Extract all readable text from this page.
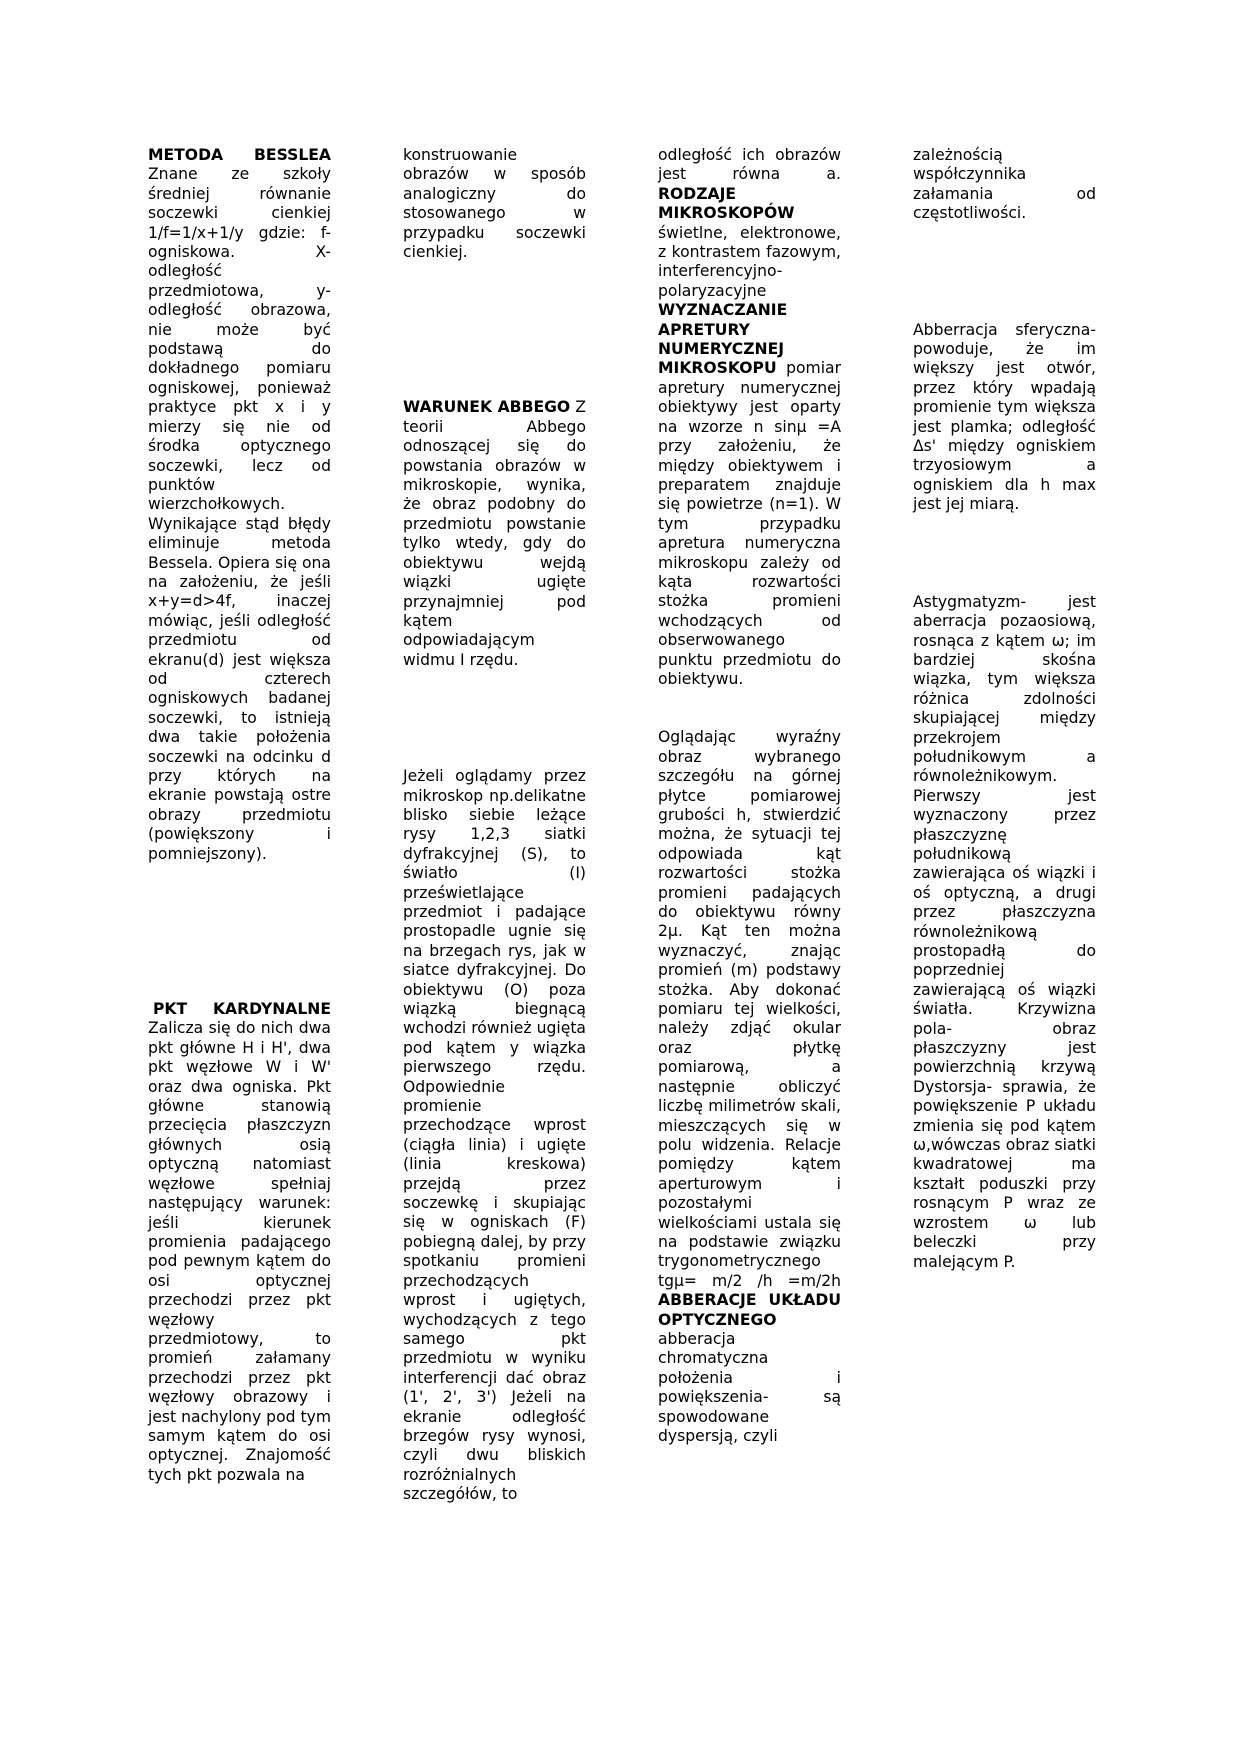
METODA BESSLEA Znane ze szkoły średniej równanie soczewki cienkiej 1/f=1/x+1/y gdzie: f- ogniskowa. X- odległość przedmiotowa, y- odległość obrazowa, nie może być podstawą do dokładnego pomiaru ogniskowej, ponieważ praktyce pkt x i y mierzy się nie od środka optycznego soczewki, lecz od punktów wierzchołkowych. Wynikające stąd błędy eliminuje metoda Bessela. Opiera się ona na założeniu, że jeśli x+y=d>4f, inaczej mówiąc, jeśli odległość przedmiotu od ekranu(d) jest większa od czterech ogniskowych badanej soczewki, to istnieją dwa takie położenia soczewki na odcinku d przy których na ekranie powstają ostre obrazy przedmiotu (powiększony i pomniejszony).

PKT KARDYNALNE Zalicza się do nich dwa pkt główne H i H', dwa pkt węzłowe W i W' oraz dwa ogniska. Pkt główne stanowią przecięcia płaszczyzn głównych osią optyczną natomiast węzłowe spełniaj następujący warunek: jeśli kierunek promienia padającego pod pewnym kątem do osi optycznej przechodzi przez pkt węzłowy przedmiotowy, to promień załamany przechodzi przez pkt węzłowy obrazowy i jest nachylony pod tym samym kątem do osi optycznej. Znajomość tych pkt pozwala na

konstruowanie obrazów w sposób analogiczny do stosowanego w przypadku soczewki cienkiej.

WARUNEK ABBEGO Z teorii Abbego odnoszącej się do powstania obrazów w mikroskopie, wynika, że obraz podobny do przedmiotu powstanie tylko wtedy, gdy do obiektywu wejdą wiązki ugięte przynajmniej pod kątem odpowiadającym widmu I rzędu.

Jeżeli oglądamy przez mikroskop np.delikatne blisko siebie leżące rysy 1,2,3 siatki dyfrakcyjnej (S), to światło (I) prześwietlające przedmiot i padające prostopadle ugnie się na brzegach rys, jak w siatce dyfrakcyjnej. Do obiektywu (O) poza wiązką biegnącą wchodzi również ugięta pod kątem y wiązka pierwszego rzędu. Odpowiednie promienie przechodzące wprost (ciągła linia) i ugięte (linia kreskowa) przejdą przez soczewkę i skupiając się w ogniskach (F) pobiegną dalej, by przy spotkaniu promieni przechodzących wprost i ugiętych, wychodzących z tego samego pkt przedmiotu w wyniku interferencji dać obraz (1', 2', 3') Jeżeli na ekranie odległość brzegów rysy wynosi, czyli dwu bliskich rozróżnialnych szczegółów, to

odległość ich obrazów jest równa a. RODZAJE MIKROSKOPÓW świetlne, elektronowe, z kontrastem fazowym, interferencyjno-polaryzacyjne WYZNACZANIE APRETURY NUMERYCZNEJ MIKROSKOPU pomiar apretury numerycznej obiektywy jest oparty na wzorze n sinμ =A przy założeniu, że między obiektywem i preparatem znajduje się powietrze (n=1). W tym przypadku apretura numeryczna mikroskopu zależy od kąta rozwartości stożka promieni wchodzących od obserwowanego punktu przedmiotu do obiektywu.

Oglądając wyraźny obraz wybranego szczegółu na górnej płytce pomiarowej grubości h, stwierdzić można, że sytuacji tej odpowiada kąt rozwartości stożka promieni padających do obiektywu równy 2μ. Kąt ten można wyznaczyć, znając promień (m) podstawy stożka. Aby dokonać pomiaru tej wielkości, należy zdjąć okular oraz płytkę pomiarową, a następnie obliczyć liczbę milimetrów skali, mieszczących się w polu widzenia. Relacje pomiędzy kątem aperturowym i pozostałymi wielkościami ustala się na podstawie związku trygonometrycznego tgμ= m/2 /h =m/2h ABBERACJE UKŁADU OPTYCZNEGO abberacja chromatyczna położenia i powiększenia- są spowodowane dyspersją, czyli

zależnością współczynnika załamania od częstotliwości.

Abberracja sferyczna- powoduje, że im większy jest otwór, przez który wpadają promienie tym większa jest plamka; odległość Δs' między ogniskiem trzyosiowym a ogniskiem dla h max jest jej miarą.

Astygmatyzm- jest aberracja pozaosiową, rosnąca z kątem ω; im bardziej skośna wiązka, tym większa różnica zdolności skupiającej między przekrojem południkowym a równoleżnikowym. Pierwszy jest wyznaczony przez płaszczyznę południkową zawierająca oś wiązki i oś optyczną, a drugi przez płaszczyzna równoleżnikową prostopadłą do poprzedniej zawierającą oś wiązki światła. Krzywizna pola- obraz płaszczyzny jest powierzchnią krzywą Dystorsja- sprawia, że powiększenie P układu zmienia się pod kątem ω,wówczas obraz siatki kwadratowej ma kształt poduszki przy rosnącym P wraz ze wzrostem ω lub beleczki przy malejącym P.
